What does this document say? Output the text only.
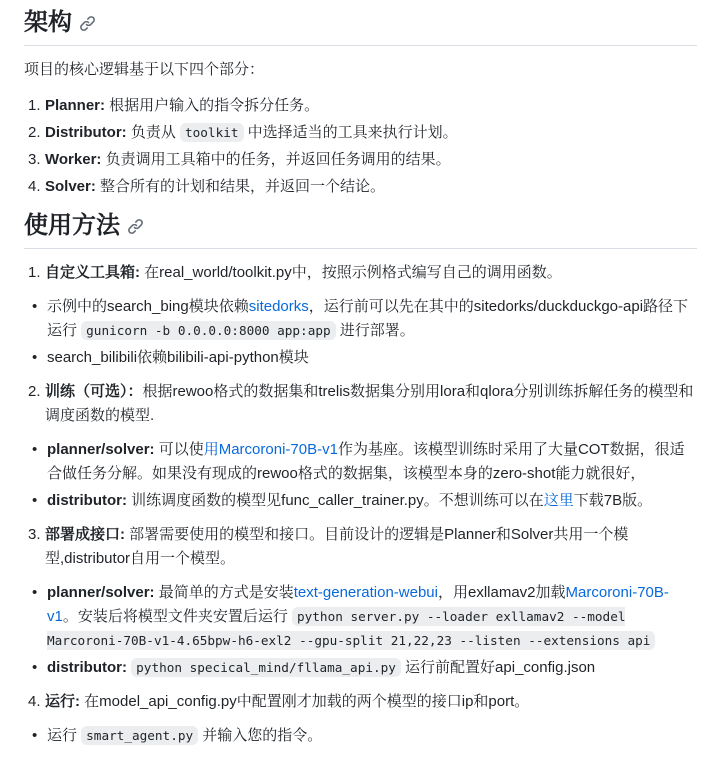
架构

项目的核心逻辑基于以下四个部分：

1. Planner: 根据用户输入的指令拆分任务。
2. Distributor: 负责从 toolkit 中选择适当的工具来执行计划。
3. Worker: 负责调用工具箱中的任务，并返回任务调用的结果。
4. Solver: 整合所有的计划和结果，并返回一个结论。
使用方法
1. 自定义工具箱: 在real_world/toolkit.py中，按照示例格式编写自己的调用函数。
•
示例中的search_bing模块依赖sitedorks，运行前可以先在其中的sitedorks/duckduckgo-api路径下运行 gunicorn -b 0.0.0.0:8000 app:app 进行部署。
•
search_bilibili依赖bilibili-api-python模块
2. 训练（可选）：根据rewoo格式的数据集和trelis数据集分别用lora和qlora分别训练拆解任务的模型和调度函数的模型.
•
planner/solver: 可以使用Marcoroni-70B-v1作为基座。该模型训练时采用了大量COT数据，很适合做任务分解。如果没有现成的rewoo格式的数据集，该模型本身的zero-shot能力就很好，
•
distributor: 训练调度函数的模型见func_caller_trainer.py。不想训练可以在这里下载7B版。
3. 部署成接口: 部署需要使用的模型和接口。目前设计的逻辑是Planner和Solver共用一个模型,distributor自用一个模型。
•
planner/solver: 最简单的方式是安装text-generation-webui，用exllamav2加载Marcoroni-70B-v1。安装后将模型文件夹安置后运行 python server.py --loader exllamav2 --model Marcoroni-70B-v1-4.65bpw-h6-exl2 --gpu-split 21,22,23 --listen --extensions api
•
distributor: python specical_mind/fllama_api.py 运行前配置好api_config.json
4. 运行: 在model_api_config.py中配置刚才加载的两个模型的接口ip和port。
•
运行 smart_agent.py 并输入您的指令。
